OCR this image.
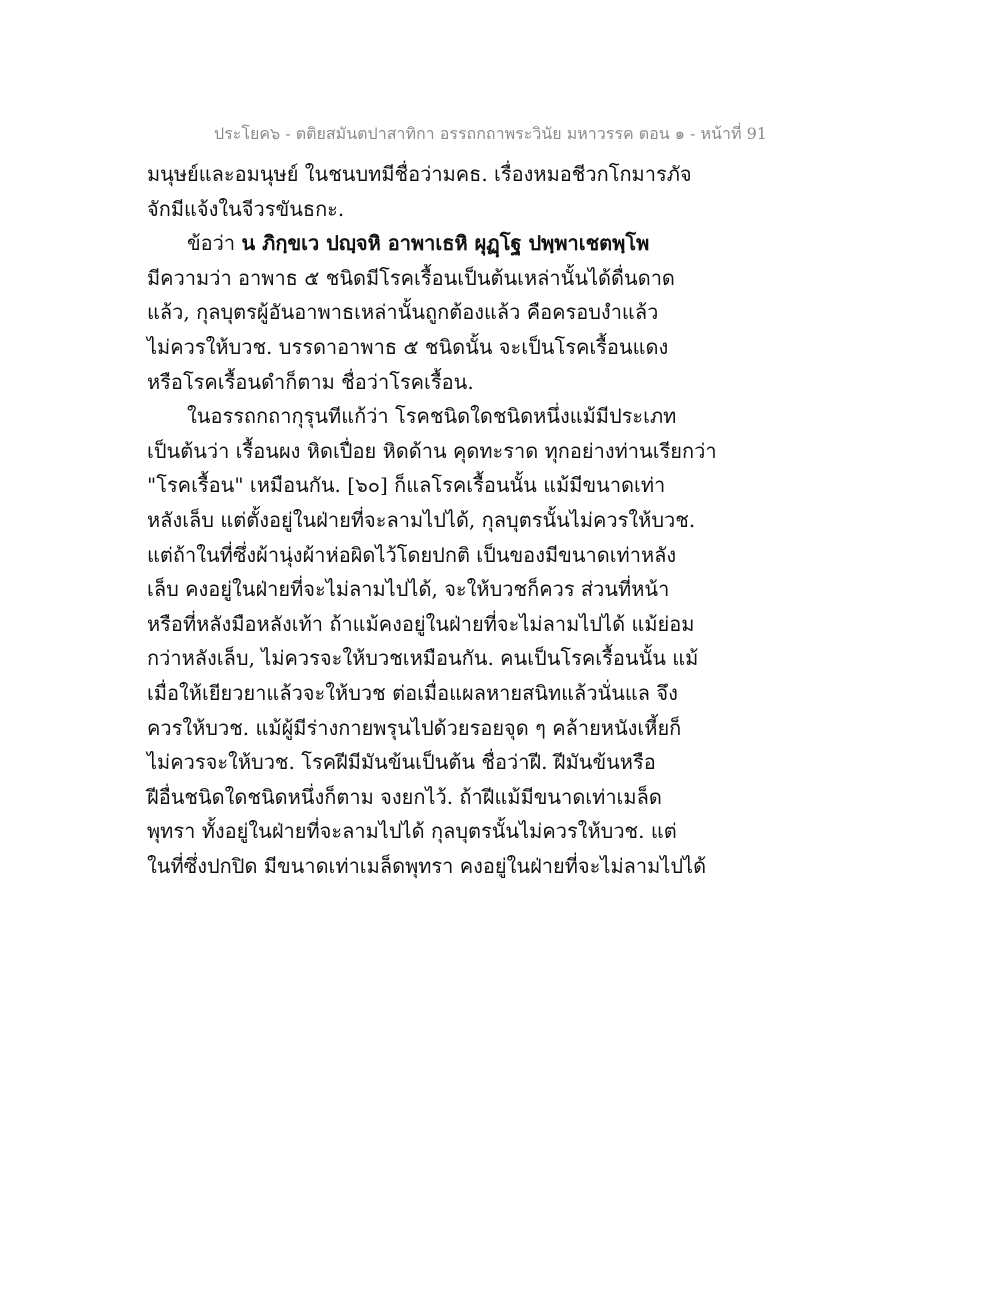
ประโยค๖ - ตติยสมันตปาสาทิกา อรรถกถาพระวินัย มหาวรรค ตอน ๑ - หน้าที่ 91
มนุษย์และอมนุษย์ ในชนบทมีชื่อว่ามคธ. เรื่องหมอชีวกโกมารภัจ
จักมีแจ้งในจีวรขันธกะ.
ข้อว่า น ภิกฺขเว ปญฺจหิ อาพาเธหิ ผุฏฺโฐ ปพฺพาเชตพฺโพ
มีความว่า อาพาธ ๕ ชนิดมีโรคเรื้อนเป็นต้นเหล่านั้นได้ดื่นดาด
แล้ว, กุลบุตรผู้อันอาพาธเหล่านั้นถูกต้องแล้ว คือครอบงำแล้ว
ไม่ควรให้บวช. บรรดาอาพาธ ๕ ชนิดนั้น จะเป็นโรคเรื้อนแดง
หรือโรคเรื้อนดำก็ตาม ชื่อว่าโรคเรื้อน.
ในอรรถกถากุรุนทีแก้ว่า โรคชนิดใดชนิดหนึ่งแม้มีประเภท
เป็นต้นว่า เรื้อนผง หิดเปื่อย หิดด้าน คุดทะราด ทุกอย่างท่านเรียกว่า
"โรคเรื้อน" เหมือนกัน. [๖๐] ก็แลโรคเรื้อนนั้น แม้มีขนาดเท่า
หลังเล็บ แต่ตั้งอยู่ในฝ่ายที่จะลามไปได้, กุลบุตรนั้นไม่ควรให้บวช.
แต่ถ้าในที่ซึ่งผ้านุ่งผ้าห่อผิดไว้โดยปกติ เป็นของมีขนาดเท่าหลัง
เล็บ คงอยู่ในฝ่ายที่จะไม่ลามไปได้, จะให้บวชก็ควร ส่วนที่หน้า
หรือที่หลังมือหลังเท้า ถ้าแม้คงอยู่ในฝ่ายที่จะไม่ลามไปได้ แม้ย่อม
กว่าหลังเล็บ, ไม่ควรจะให้บวชเหมือนกัน. คนเป็นโรคเรื้อนนั้น แม้
เมื่อให้เยียวยาแล้วจะให้บวช ต่อเมื่อแผลหายสนิทแล้วนั่นแล จึง
ควรให้บวช. แม้ผู้มีร่างกายพรุนไปด้วยรอยจุด ๆ คล้ายหนังเหี้ยก็
ไม่ควรจะให้บวช. โรคฝีมีมันข้นเป็นต้น ชื่อว่าฝี. ฝีมันข้นหรือ
ฝีอื่นชนิดใดชนิดหนึ่งก็ตาม จงยกไว้. ถ้าฝีแม้มีขนาดเท่าเมล็ด
พุทรา ทั้งอยู่ในฝ่ายที่จะลามไปได้ กุลบุตรนั้นไม่ควรให้บวช. แต่
ในที่ซึ่งปกปิด มีขนาดเท่าเมล็ดพุทรา คงอยู่ในฝ่ายที่จะไม่ลามไปได้
